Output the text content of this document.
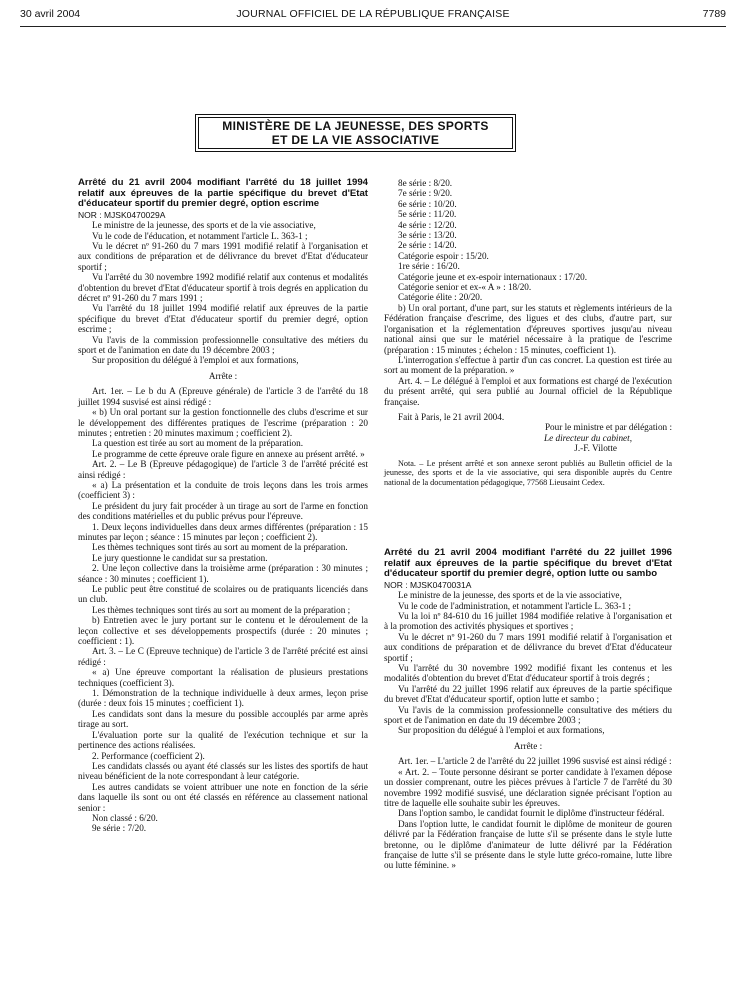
30 avril 2004	JOURNAL OFFICIEL DE LA RÉPUBLIQUE FRANÇAISE	7789
MINISTÈRE DE LA JEUNESSE, DES SPORTS
ET DE LA VIE ASSOCIATIVE

Arrêté du 21 avril 2004 modifiant l'arrêté du 18 juillet 1994 relatif aux épreuves de la partie spécifique du brevet d'Etat d'éducateur sportif du premier degré, option escrime

NOR : MJSK0470029A

Le ministre de la jeunesse, des sports et de la vie associative,

Vu le code de l'éducation, et notamment l'article L. 363-1 ;

Vu le décret nº 91-260 du 7 mars 1991 modifié relatif à l'organisation et aux conditions de préparation et de délivrance du brevet d'Etat d'éducateur sportif ;

Vu l'arrêté du 30 novembre 1992 modifié relatif aux contenus et modalités d'obtention du brevet d'Etat d'éducateur sportif à trois degrés en application du décret nº 91-260 du 7 mars 1991 ;

Vu l'arrêté du 18 juillet 1994 modifié relatif aux épreuves de la partie spécifique du brevet d'Etat d'éducateur sportif du premier degré, option escrime ;

Vu l'avis de la commission professionnelle consultative des métiers du sport et de l'animation en date du 19 décembre 2003 ;

Sur proposition du délégué à l'emploi et aux formations,

Arrête :

Art. 1er. – Le b du A (Epreuve générale) de l'article 3 de l'arrêté du 18 juillet 1994 susvisé est ainsi rédigé :

« b) Un oral portant sur la gestion fonctionnelle des clubs d'escrime et sur le développement des différentes pratiques de l'escrime (préparation : 20 minutes ; entretien : 20 minutes maximum ; coefficient 2).

La question est tirée au sort au moment de la préparation.

Le programme de cette épreuve orale figure en annexe au présent arrêté. »

Art. 2. – Le B (Epreuve pédagogique) de l'article 3 de l'arrêté précité est ainsi rédigé :

« a) La présentation et la conduite de trois leçons dans les trois armes (coefficient 3) :

Le président du jury fait procéder à un tirage au sort de l'arme en fonction des conditions matérielles et du public prévus pour l'épreuve.

1. Deux leçons individuelles dans deux armes différentes (préparation : 15 minutes par leçon ; séance : 15 minutes par leçon ; coefficient 2).

Les thèmes techniques sont tirés au sort au moment de la préparation.

Le jury questionne le candidat sur sa prestation.

2. Une leçon collective dans la troisième arme (préparation : 30 minutes ; séance : 30 minutes ; coefficient 1).

Le public peut être constitué de scolaires ou de pratiquants licenciés dans un club.

Les thèmes techniques sont tirés au sort au moment de la préparation ;

b) Entretien avec le jury portant sur le contenu et le déroulement de la leçon collective et ses développements prospectifs (durée : 20 minutes ; coefficient : 1).

Art. 3. – Le C (Epreuve technique) de l'article 3 de l'arrêté précité est ainsi rédigé :

« a) Une épreuve comportant la réalisation de plusieurs prestations techniques (coefficient 3).

1. Démonstration de la technique individuelle à deux armes, leçon prise (durée : deux fois 15 minutes ; coefficient 1).

Les candidats sont dans la mesure du possible accouplés par arme après tirage au sort.

L'évaluation porte sur la qualité de l'exécution technique et sur la pertinence des actions réalisées.

2. Performance (coefficient 2).

Les candidats classés ou ayant été classés sur les listes des sportifs de haut niveau bénéficient de la note correspondant à leur catégorie.

Les autres candidats se voient attribuer une note en fonction de la série dans laquelle ils sont ou ont été classés en référence au classement national senior :

Non classé : 6/20.

9e série : 7/20.

8e série : 8/20.

7e série : 9/20.

6e série : 10/20.

5e série : 11/20.

4e série : 12/20.

3e série : 13/20.

2e série : 14/20.

Catégorie espoir : 15/20.

1re série : 16/20.

Catégorie jeune et ex-espoir internationaux : 17/20.

Catégorie senior et ex-« A » : 18/20.

Catégorie élite : 20/20.

b) Un oral portant, d'une part, sur les statuts et règlements intérieurs de la Fédération française d'escrime, des ligues et des clubs, d'autre part, sur l'organisation et la réglementation d'épreuves sportives jusqu'au niveau national ainsi que sur le matériel nécessaire à la pratique de l'escrime (préparation : 15 minutes ; échelon : 15 minutes, coefficient 1).

L'interrogation s'effectue à partir d'un cas concret. La question est tirée au sort au moment de la préparation. »

Art. 4. – Le délégué à l'emploi et aux formations est chargé de l'exécution du présent arrêté, qui sera publié au Journal officiel de la République française.

Fait à Paris, le 21 avril 2004.

Pour le ministre et par délégation :

Le directeur du cabinet,

J.-F. Vilotte

Nota. – Le présent arrêté et son annexe seront publiés au Bulletin officiel de la jeunesse, des sports et de la vie associative, qui sera disponible auprès du Centre national de la documentation pédagogique, 77568 Lieusaint Cedex.

Arrêté du 21 avril 2004 modifiant l'arrêté du 22 juillet 1996 relatif aux épreuves de la partie spécifique du brevet d'Etat d'éducateur sportif du premier degré, option lutte ou sambo

NOR : MJSK0470031A

Le ministre de la jeunesse, des sports et de la vie associative,

Vu le code de l'administration, et notamment l'article L. 363-1 ;

Vu la loi nº 84-610 du 16 juillet 1984 modifiée relative à l'organisation et à la promotion des activités physiques et sportives ;

Vu le décret nº 91-260 du 7 mars 1991 modifié relatif à l'organisation et aux conditions de préparation et de délivrance du brevet d'Etat d'éducateur sportif ;

Vu l'arrêté du 30 novembre 1992 modifié fixant les contenus et les modalités d'obtention du brevet d'Etat d'éducateur sportif à trois degrés ;

Vu l'arrêté du 22 juillet 1996 relatif aux épreuves de la partie spécifique du brevet d'Etat d'éducateur sportif, option lutte et sambo ;

Vu l'avis de la commission professionnelle consultative des métiers du sport et de l'animation en date du 19 décembre 2003 ;

Sur proposition du délégué à l'emploi et aux formations,

Arrête :

Art. 1er. – L'article 2 de l'arrêté du 22 juillet 1996 susvisé est ainsi rédigé :

« Art. 2. – Toute personne désirant se porter candidate à l'examen dépose un dossier comprenant, outre les pièces prévues à l'article 7 de l'arrêté du 30 novembre 1992 modifié susvisé, une déclaration signée précisant l'option au titre de laquelle elle souhaite subir les épreuves.

Dans l'option sambo, le candidat fournit le diplôme d'instructeur fédéral.

Dans l'option lutte, le candidat fournit le diplôme de moniteur de gouren délivré par la Fédération française de lutte s'il se présente dans le style lutte bretonne, ou le diplôme d'animateur de lutte délivré par la Fédération française de lutte s'il se présente dans le style lutte gréco-romaine, lutte libre ou lutte féminine. »
